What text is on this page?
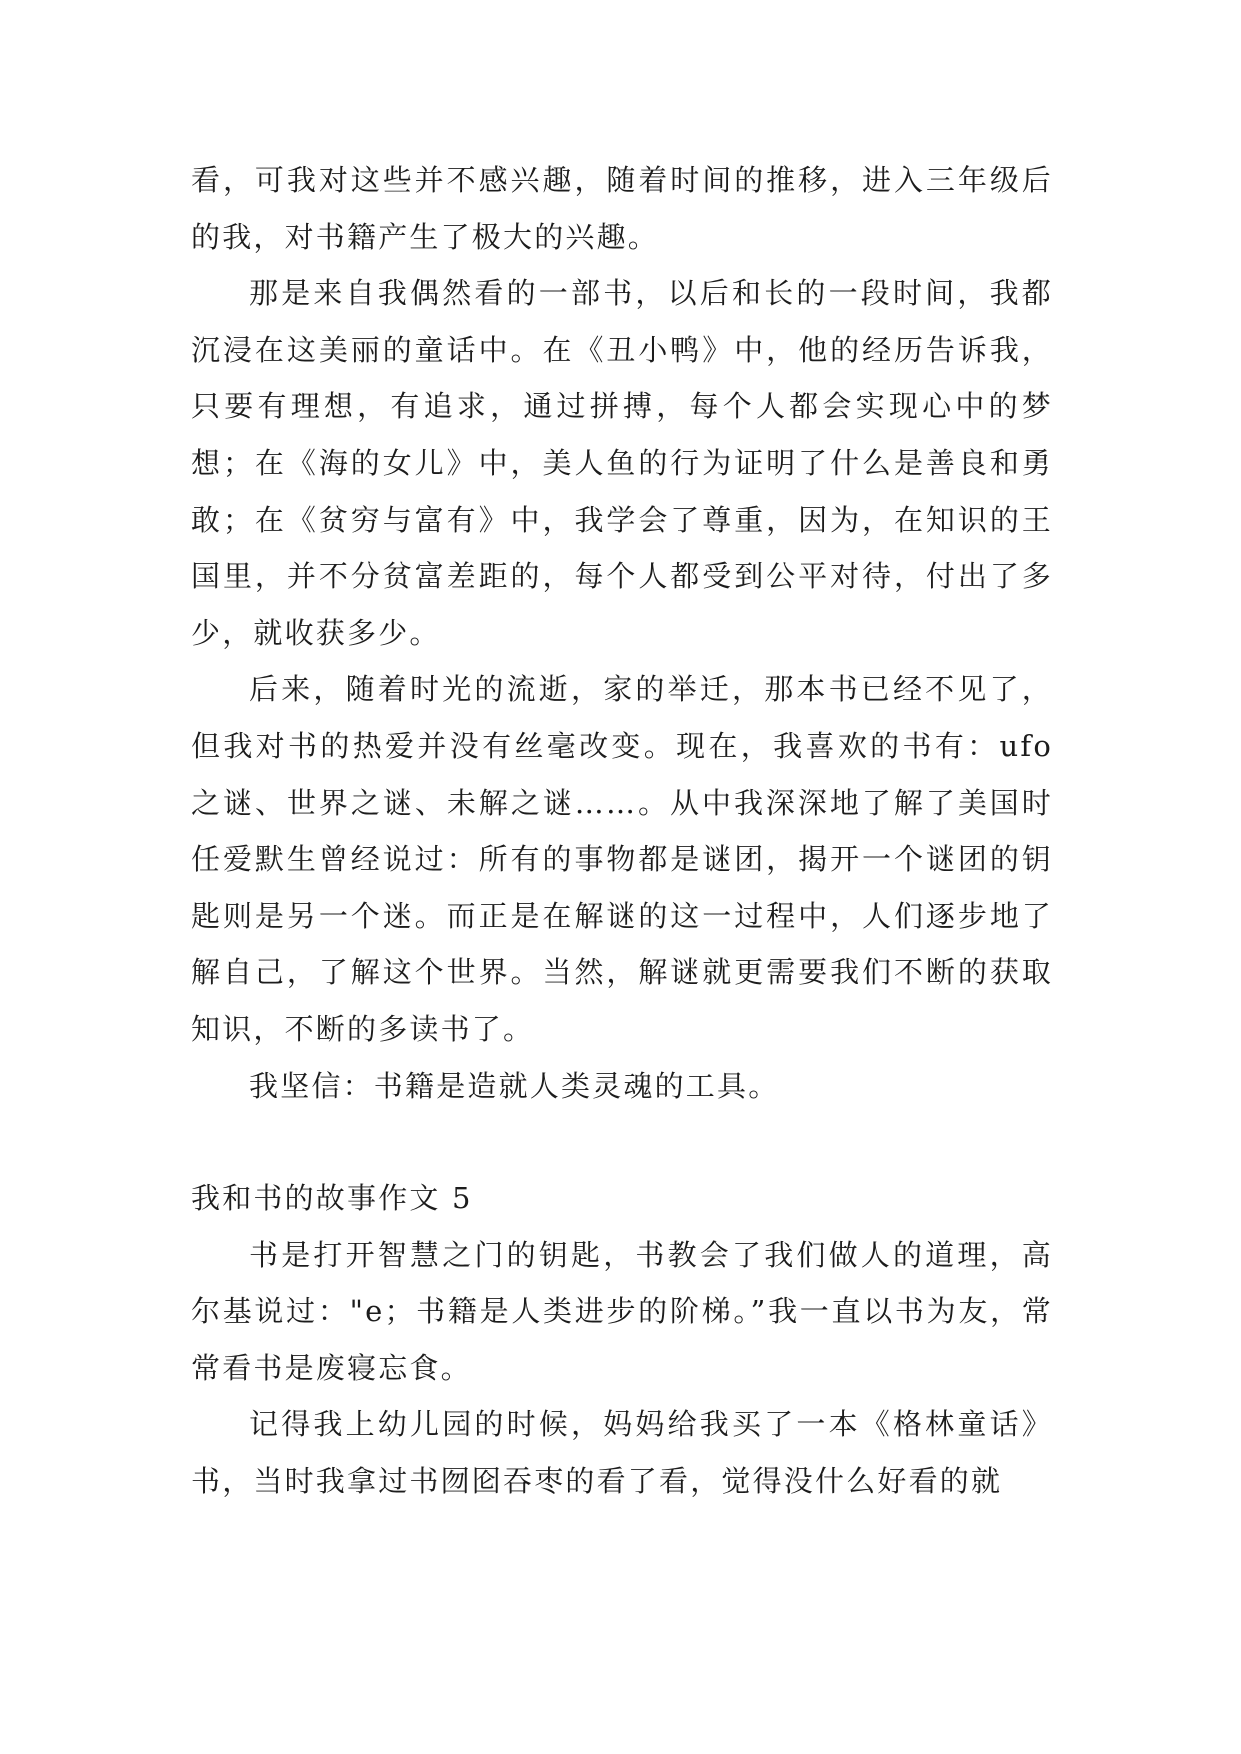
看，可我对这些并不感兴趣，随着时间的推移，进入三年级后的我，对书籍产生了极大的兴趣。

那是来自我偶然看的一部书，以后和长的一段时间，我都沉浸在这美丽的童话中。在《丑小鸭》中，他的经历告诉我，只要有理想，有追求，通过拼搏，每个人都会实现心中的梦想；在《海的女儿》中，美人鱼的行为证明了什么是善良和勇敢；在《贫穷与富有》中，我学会了尊重，因为，在知识的王国里，并不分贫富差距的，每个人都受到公平对待，付出了多少，就收获多少。

后来，随着时光的流逝，家的举迁，那本书已经不见了，但我对书的热爱并没有丝毫改变。现在，我喜欢的书有：ufo之谜、世界之谜、未解之谜……。从中我深深地了解了美国时任爱默生曾经说过：所有的事物都是谜团，揭开一个谜团的钥匙则是另一个迷。而正是在解谜的这一过程中，人们逐步地了解自己，了解这个世界。当然，解谜就更需要我们不断的获取知识，不断的多读书了。

我坚信：书籍是造就人类灵魂的工具。

我和书的故事作文 5

书是打开智慧之门的钥匙，书教会了我们做人的道理，高尔基说过："e；书籍是人类进步的阶梯。”我一直以书为友，常常看书是废寝忘食。

记得我上幼儿园的时候，妈妈给我买了一本《格林童话》书，当时我拿过书囫囵吞枣的看了看，觉得没什么好看的就
